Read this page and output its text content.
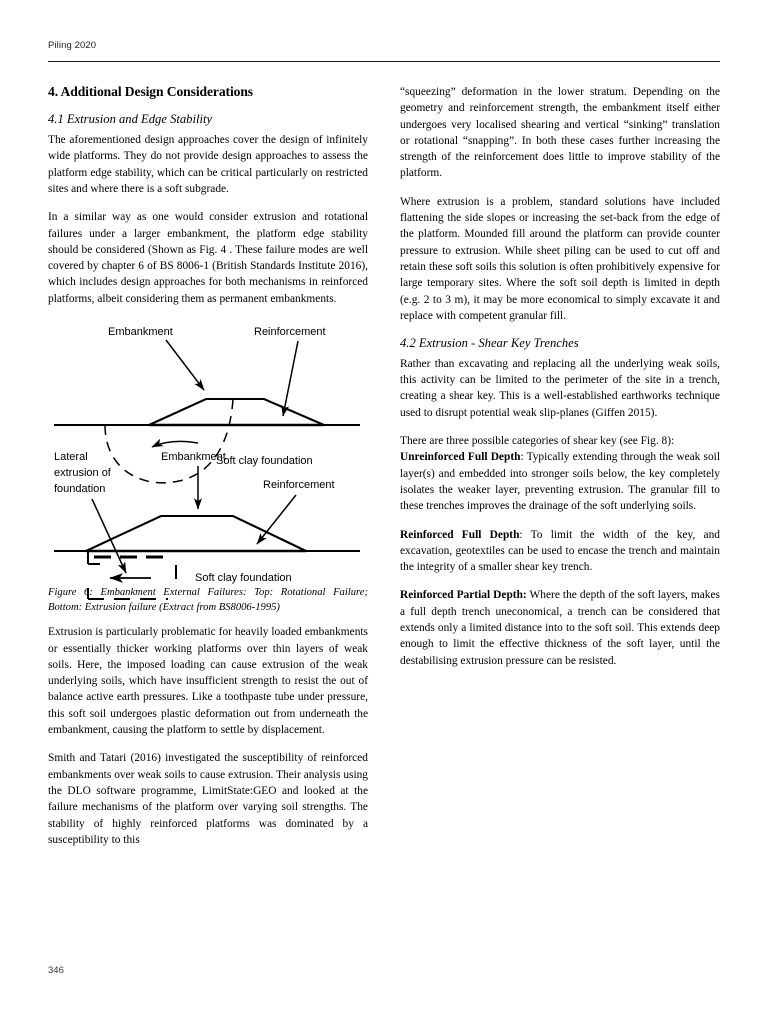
Piling 2020
4. Additional Design Considerations
4.1 Extrusion and Edge Stability

The aforementioned design approaches cover the design of infinitely wide platforms. They do not provide design approaches to assess the platform edge stability, which can be critical particularly on restricted sites and where there is a soft subgrade.

In a similar way as one would consider extrusion and rotational failures under a larger embankment, the platform edge stability should be considered (Shown as Fig. 4 . These failure modes are well covered by chapter 6 of BS 8006-1 (British Standards Institute 2016), which includes design approaches for both mechanisms in reinforced platforms, albeit considering them as permanent embankments.

Embankment	Reinforcement
Soft clay foundation
Lateral
extrusion of
foundation
Embankment
Reinforcement
Soft clay foundation

Figure 6: Embankment External Failures: Top: Rotational Failure; Bottom: Extrusion failure (Extract from BS8006-1995)

Extrusion is particularly problematic for heavily loaded embankments or essentially thicker working platforms over thin layers of weak soils. Here, the imposed loading can cause extrusion of the weak underlying soils, which have insufficient strength to resist the out of balance active earth pressures. Like a toothpaste tube under pressure, this soft soil undergoes plastic deformation out from underneath the embankment, causing the platform to settle by displacement.

Smith and Tatari (2016) investigated the susceptibility of reinforced embankments over weak soils to cause extrusion. Their analysis using the DLO software programme, LimitState:GEO and looked at the failure mechanisms of the platform over varying soil strengths. The stability of highly reinforced platforms was dominated by a susceptibility to this

“squeezing” deformation in the lower stratum. Depending on the geometry and reinforcement strength, the embankment itself either undergoes very localised shearing and vertical “sinking” translation or rotational “snapping”. In both these cases further increasing the strength of the reinforcement does little to improve stability of the platform.

Where extrusion is a problem, standard solutions have included flattening the side slopes or increasing the set-back from the edge of the platform. Mounded fill around the platform can provide counter pressure to extrusion. While sheet piling can be used to cut off and retain these soft soils this solution is often prohibitively expensive for large temporary sites. Where the soft soil depth is limited in depth (e.g. 2 to 3 m), it may be more economical to simply excavate it and replace with competent granular fill.

4.2 Extrusion - Shear Key Trenches

Rather than excavating and replacing all the underlying weak soils, this activity can be limited to the perimeter of the site in a trench, creating a shear key. This is a well-established earthworks technique used to disrupt potential weak slip-planes (Giffen 2015).

There are three possible categories of shear key (see Fig. 8):

Unreinforced Full Depth: Typically extending through the weak soil layer(s) and embedded into stronger soils below, the key completely isolates the weaker layer, preventing extrusion. The granular fill to these trenches improves the drainage of the soft underlying soils.

Reinforced Full Depth: To limit the width of the key, and excavation, geotextiles can be used to encase the trench and maintain the integrity of a smaller shear key trench.

Reinforced Partial Depth: Where the depth of the soft layers, makes a full depth trench uneconomical, a trench can be considered that extends only a limited distance into to the soft soil. This extends deep enough to limit the effective thickness of the soft layer, until the destabilising extrusion pressure can be resisted.

346
